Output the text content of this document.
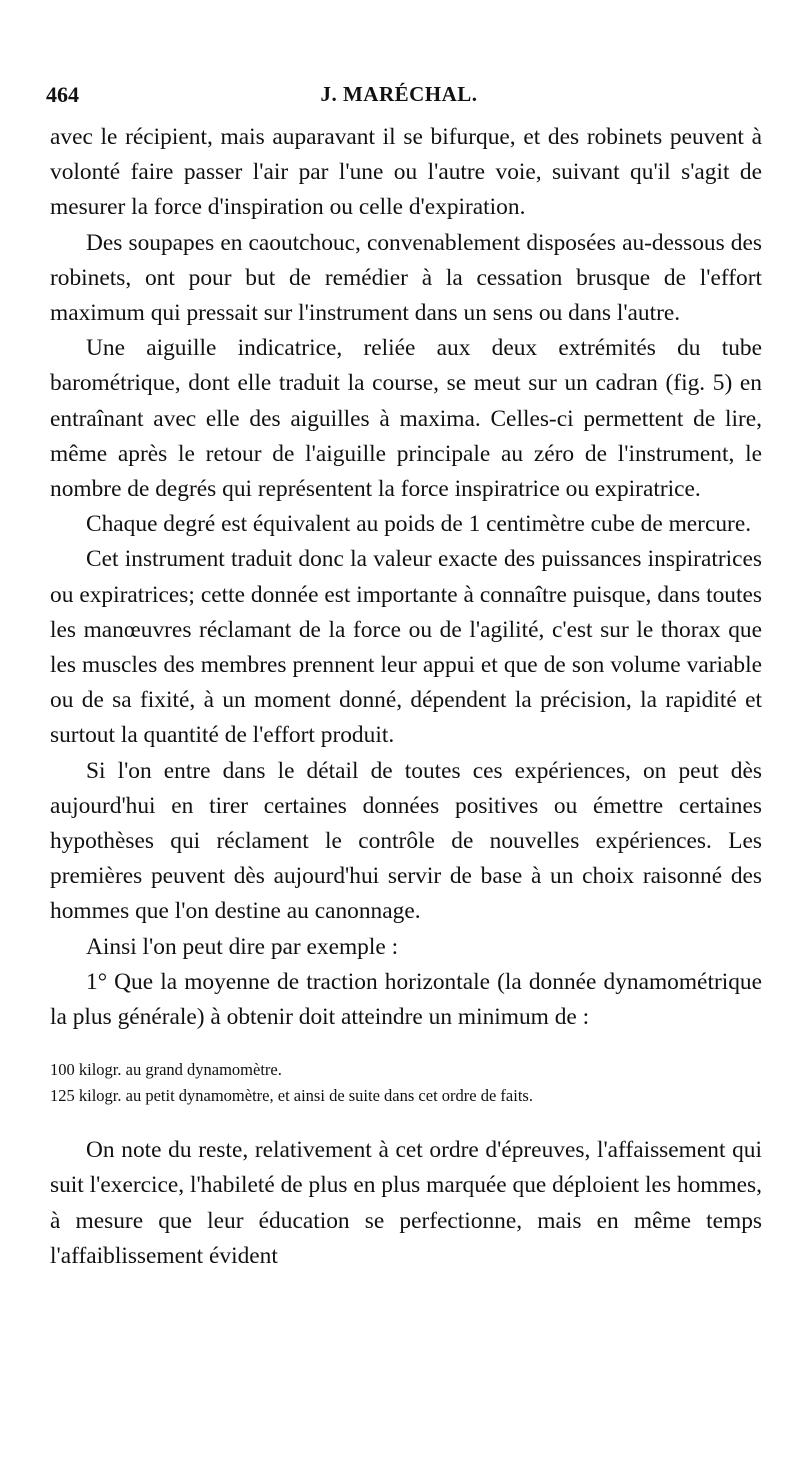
464	J. MARÉCHAL.

avec le récipient, mais auparavant il se bifurque, et des robinets peuvent à volonté faire passer l'air par l'une ou l'autre voie, suivant qu'il s'agit de mesurer la force d'inspiration ou celle d'expiration.

Des soupapes en caoutchouc, convenablement disposées au-dessous des robinets, ont pour but de remédier à la cessation brusque de l'effort maximum qui pressait sur l'instrument dans un sens ou dans l'autre.

Une aiguille indicatrice, reliée aux deux extrémités du tube barométrique, dont elle traduit la course, se meut sur un cadran (fig. 5) en entraînant avec elle des aiguilles à maxima. Celles-ci permettent de lire, même après le retour de l'aiguille principale au zéro de l'instrument, le nombre de degrés qui représentent la force inspiratrice ou expiratrice.

Chaque degré est équivalent au poids de 1 centimètre cube de mercure.

Cet instrument traduit donc la valeur exacte des puissances inspiratrices ou expiratrices; cette donnée est importante à connaître puisque, dans toutes les manœuvres réclamant de la force ou de l'agilité, c'est sur le thorax que les muscles des membres prennent leur appui et que de son volume variable ou de sa fixité, à un moment donné, dépendent la précision, la rapidité et surtout la quantité de l'effort produit.

Si l'on entre dans le détail de toutes ces expériences, on peut dès aujourd'hui en tirer certaines données positives ou émettre certaines hypothèses qui réclament le contrôle de nouvelles expériences. Les premières peuvent dès aujourd'hui servir de base à un choix raisonné des hommes que l'on destine au canonnage.

Ainsi l'on peut dire par exemple :

1° Que la moyenne de traction horizontale (la donnée dynamométrique la plus générale) à obtenir doit atteindre un minimum de :

100 kilogr. au grand dynamomètre.
125 kilogr. au petit dynamomètre, et ainsi de suite dans cet ordre de faits.

On note du reste, relativement à cet ordre d'épreuves, l'affaissement qui suit l'exercice, l'habileté de plus en plus marquée que déploient les hommes, à mesure que leur éducation se perfectionne, mais en même temps l'affaiblissement évident
